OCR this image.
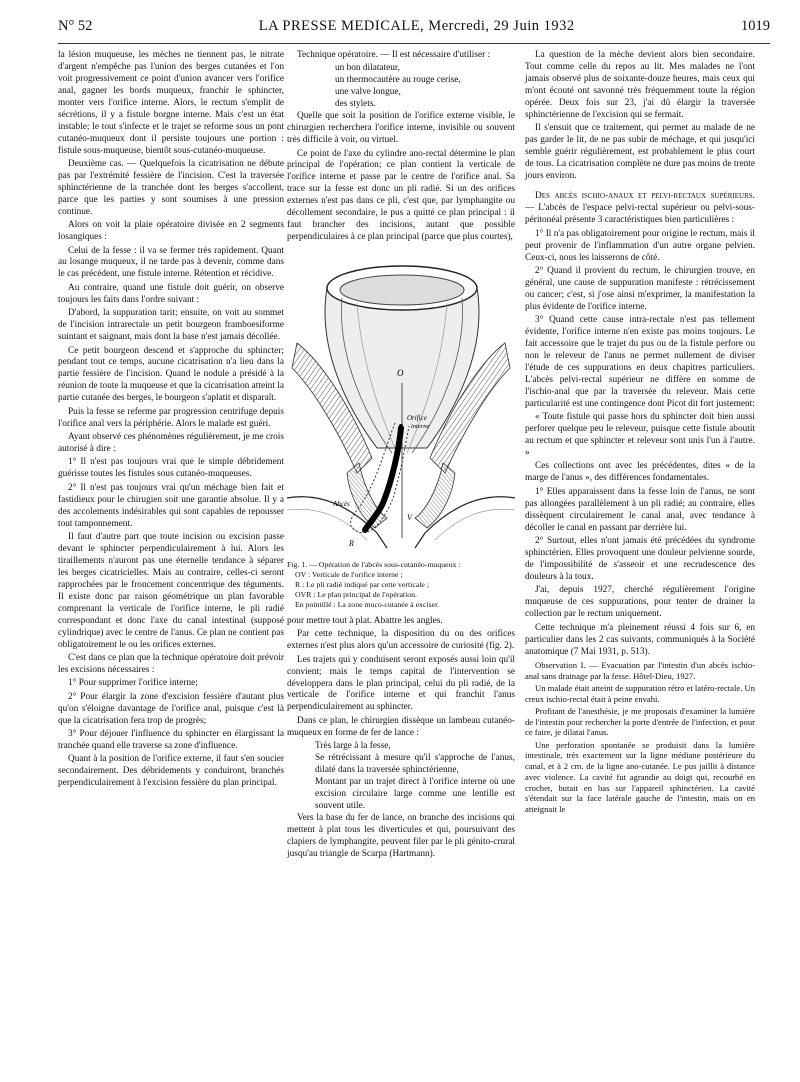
N° 52	LA PRESSE MEDICALE, Mercredi, 29 Juin 1932	1019

la lésion muqueuse, les mèches ne tiennent pas, le nitrate d'argent n'empêche pas l'union des berges cutanées et l'on voit progressivement ce point d'union avancer vers l'orifice anal, gagner les bords muqueux, franchir le sphincter, monter vers l'orifice interne. Alors, le rectum s'emplit de sécrétions, il y a fistule borgne interne. Mais c'est un état instable; le tout s'infecte et le trajet se reforme sous un pont cutanéo-muqueux dont il persiste toujours une portion : fistule sous-muqueuse, bientôt sous-cutanéo-muqueuse.

Deuxième cas. — Quelquefois la cicatrisation ne débute pas par l'extrémité fessière de l'incision. C'est la traversée sphinctérienne de la tranchée dont les berges s'accollent, parce que les parties y sont soumises à une pression continue.

Alors on voit la plaie opératoire divisée en 2 segments losangiques :

Celui de la fesse : il va se fermer très rapidement. Quant au losange muqueux, il ne tarde pas à devenir, comme dans le cas précédent, une fistule interne. Rétention et récidive.

Au contraire, quand une fistule doit guérir, on observe toujours les faits dans l'ordre suivant :

D'abord, la suppuration tarit; ensuite, on voit au sommet de l'incision intrarectale un petit bourgeon framboesiforme suintant et saignant, mais dont la base n'est jamais décollée.

Ce petit bourgeon descend et s'approche du sphincter; pendant tout ce temps, aucune cicatrisation n'a lieu dans la partie fessière de l'incision. Quand le nodule a présidé à la réunion de toute la muqueuse et que la cicatrisation atteint la partie cutanée des berges, le bourgeon s'aplatit et disparaît.

Puis la fesse se referme par progression centrifuge depuis l'orifice anal vers la périphérie. Alors le malade est guéri.

Ayant observé ces phénomènes régulièrement, je me crois autorisé à dire :

1° Il n'est pas toujours vrai que le simple débridement guérisse toutes les fistules sous cutanéo-muqueuses.

2° Il n'est pas toujours vrai qu'un méchage bien fait et fastidieux pour le chirugien soit une garantie absolue. Il y a des accolements indésirables qui sont capables de repousser tout tamponnement.

Il faut d'autre part que toute incision ou excision passe devant le sphincter perpendiculairement à lui. Alors les tiraillements n'auront pas une éternelle tendance à séparer les berges cicatricielles. Mais au contraire, celles-ci seront rapprochées par le froncement concentrique des téguments. Il existe donc par raison géométrique un plan favorable comprenant la verticale de l'orifice interne, le pli radié correspondant et donc l'axe du canal intestinal (supposé cylindrique) avec le centre de l'anus. Ce plan ne contient pas obligatoirement le ou les orifices externes.

C'est dans ce plan que la technique opératoire doit prévoir les excisions nécessaires :

1° Pour supprimer l'orifice interne;

2° Pour élargir la zone d'excision fessière d'autant plus qu'on s'éloigne davantage de l'orifice anal, puisque c'est là que la cicatrisation fera trop de progrès;

3° Pour déjouer l'influence du sphincter en élargissant la tranchée quand elle traverse sa zone d'influence.

Quant à la position de l'orifice externe, il faut s'en soucier secondairement. Des débridements y conduiront, branchés perpendiculairement à l'excision fessière du plan principal.

Technique opératoire. — Il est nécessaire d'utiliser :

un bon dilatateur,

un thermocautère au rouge cerise,

une valve longue,

des stylets.

Quelle que soit la position de l'orifice externe visible, le chirurgien recherchera l'orifice interne, invisible ou souvent très difficile à voir, ou virtuel.

Ce point de l'axe du cylindre ano-rectal détermine le plan principal de l'opération; ce plan contient la verticale de l'orifice interne et passe par le centre de l'orifice anal. Sa trace sur la fesse est donc un pli radié. Si un des orifices externes n'est pas dans ce pli, c'est que, par lymphangite ou décollement secondaire, le pus a quitté ce plan principal : il faut brancher des incisions, autant que possible perpendiculaires à ce plan principal (parce que plus courtes),

O
Orifice
interne
Abcès
V
R
Fig. 1. — Opération de l'abcès sous-cutanéo-muqueux :
OV : Verticale de l'orifice interne ;
R : Le pli radié indiqué par cette verticale ;
OVR : Le plan principal de l'opération.
En pointillé : La zone muco-cutanée à exciser.

pour mettre tout à plat. Abattre les angles.

Par cette technique, la disposition du ou des orifices externes n'est plus alors qu'un accessoire de curiosité (fig. 2).

Les trajets qui y conduisent seront exposés aussi loin qu'il convient; mais le temps capital de l'intervention se développera dans le plan principal, celui du pli radié, de la verticale de l'orifice interne et qui franchit l'anus perpendiculairement au sphincter.

Dans ce plan, le chirurgien dissèque un lambeau cutanéo-muqueux en forme de fer de lance :

Très large à la fesse,

Se rétrécissant à mesure qu'il s'approche de l'anus, dilaté dans la traversée sphinctérienne,

Montant par un trajet direct à l'orifice interne où une excision circulaire large comme une lentille est souvent utile.

Vers la base du fer de lance, on branche des incisions qui mettent à plat tous les diverticules et qui, poursuivant des clapiers de lymphangite, peuvent filer par le pli génito-crural jusqu'au triangle de Scarpa (Hartmann).

La question de la mèche devient alors bien secondaire. Tout comme celle du repos au lit. Mes malades ne l'ont jamais observé plus de soixante-douze heures, mais ceux qui m'ont écouté ont savonné très fréquemment toute la région opérée. Deux fois sur 23, j'ai dû élargir la traversée sphinctérienne de l'excision qui se fermait.

Il s'ensuit que ce traitement, qui permet au malade de ne pas garder le lit, de ne pas subir de méchage, et qui jusqu'ici semble guérir régulièrement, est probablement le plus court de tous. La cicatrisation complète ne dure pas moins de trente jours environ.

Des abcès ischio-anaux et pelvi-rectaux supérieurs. — L'abcès de l'espace pelvi-rectal supérieur ou pelvi-sous-péritonéal présente 3 caractéristiques bien particulières :

1° Il n'a pas obligatoirement pour origine le rectum, mais il peut provenir de l'inflammation d'un autre organe pelvien. Ceux-ci, nous les laisserons de côté.

2° Quand il provient du rectum, le chirurgien trouve, en général, une cause de suppuration manifeste : rétrécissement ou cancer; c'est, si j'ose ainsi m'exprimer, la manifestation la plus évidente de l'orifice interne.

3° Quand cette cause intra-rectale n'est pas tellement évidente, l'orifice interne n'en existe pas moins toujours. Le fait accessoire que le trajet du pus ou de la fistule perfore ou non le releveur de l'anus ne permet nullement de diviser l'étude de ces suppurations en deux chapitres particuliers. L'abcès pelvi-rectal supérieur ne diffère en somme de l'ischio-anal que par la traversée du releveur. Mais cette particularité est une contingence dont Picot dit fort justement:

« Toute fistule qui passe hors du sphincter doit bien aussi perforer quelque peu le releveur, puisque cette fistule aboutit au rectum et que sphincter et releveur sont unis l'un à l'autre. »

Ces collections ont avec les précédentes, dites « de la marge de l'anus », des différences fondamentales.

1° Elles apparaissent dans la fesse loin de l'anus, ne sont pas allongées parallèlement à un pli radié; au contraire, elles dissèquent circulairement le canal anal, avec tendance à décoller le canal en passant par derrière lui.

2° Surtout, elles n'ont jamais été précédées du syndrome sphinctérien. Elles provoquent une douleur pelvienne sourde, de l'impossibilité de s'asseoir et une recrudescence des douleurs à la toux.

J'ai, depuis 1927, cherché régulièrement l'origine muqueuse de ces suppurations, pour tenter de drainer la collection par le rectum uniquement.

Cette technique m'a pleinement réussi 4 fois sur 6, en particulier dans les 2 cas suivants, communiqués à la Société anatomique (7 Mai 1931, p. 513).

Observation I. — Evacuation par l'intestin d'un abcès ischio-anal sans drainage par la fesse. Hôtel-Dieu, 1927.

Un malade était atteint de suppuration rétro et latéro-rectale. Un creux ischio-rectal était à peine envahi.

Profitant de l'anesthésie, je me proposais d'examiner la lumière de l'intestin pour rechercher la porte d'entrée de l'infection, et pour ce faire, je dilatai l'anus.

Une perforation spontanée se produisit dans la lumière intestinale, très exactement sur la ligne médiane postérieure du canal, et à 2 cm. de la ligne ano-cutanée. Le pus jaillit à distance avec violence. La cavité fut agrandie au doigt qui, recourbé en crochet, butait en bas sur l'appareil sphinctérien. La cavité s'étendait sur la face latérale gauche de l'intestin, mais on en atteignait le
